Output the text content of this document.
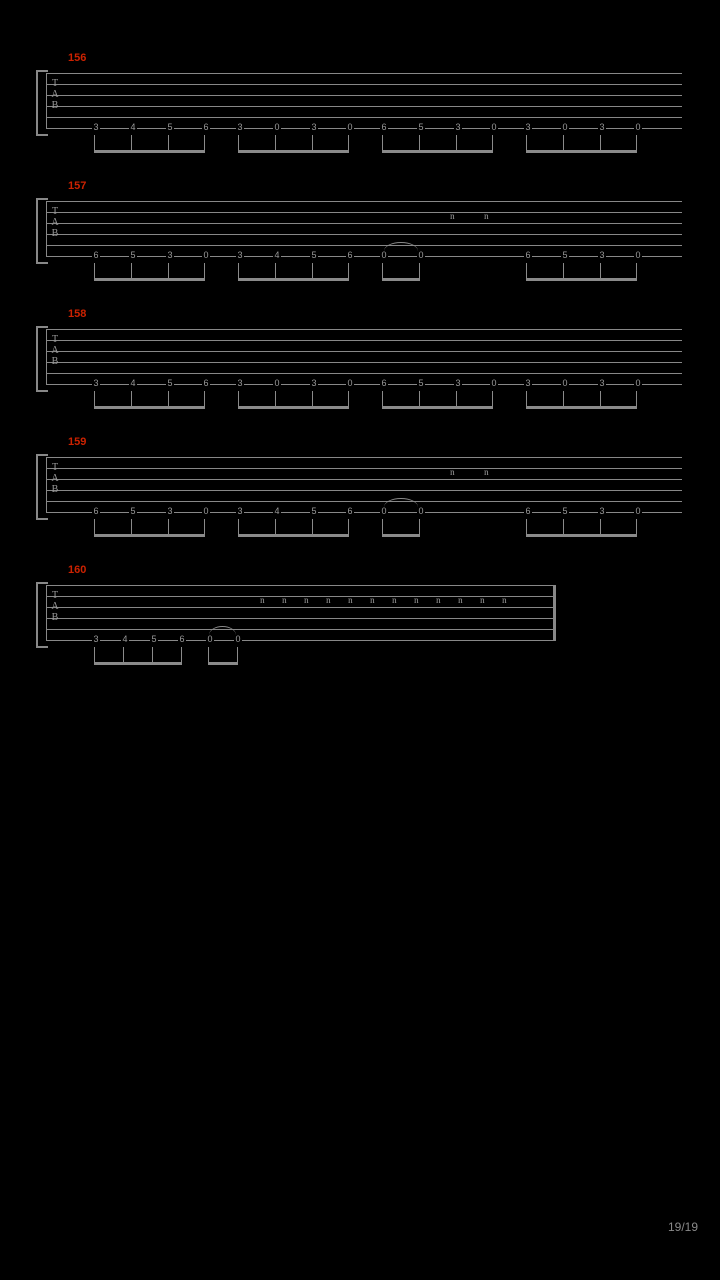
156
T
A
B
3	4	5	6	3	0	3	0	6	5	3	0	3	0	3	0
157
T
A
B
6	5	3	0	3	4	5	6	0	0	6	5	3	0
ⁿ ⁿ
158
T
A
B
3	4	5	6	3	0	3	0	6	5	3	0	3	0	3	0
159
T
A
B
6	5	3	0	3	4	5	6	0	0	6	5	3	0
ⁿ ⁿ
160
T
A
B
3	4	5	6	0	0
ⁿ ⁿ ⁿ ⁿ ⁿ ⁿ ⁿ ⁿ ⁿ ⁿ ⁿ ⁿ
19/19
